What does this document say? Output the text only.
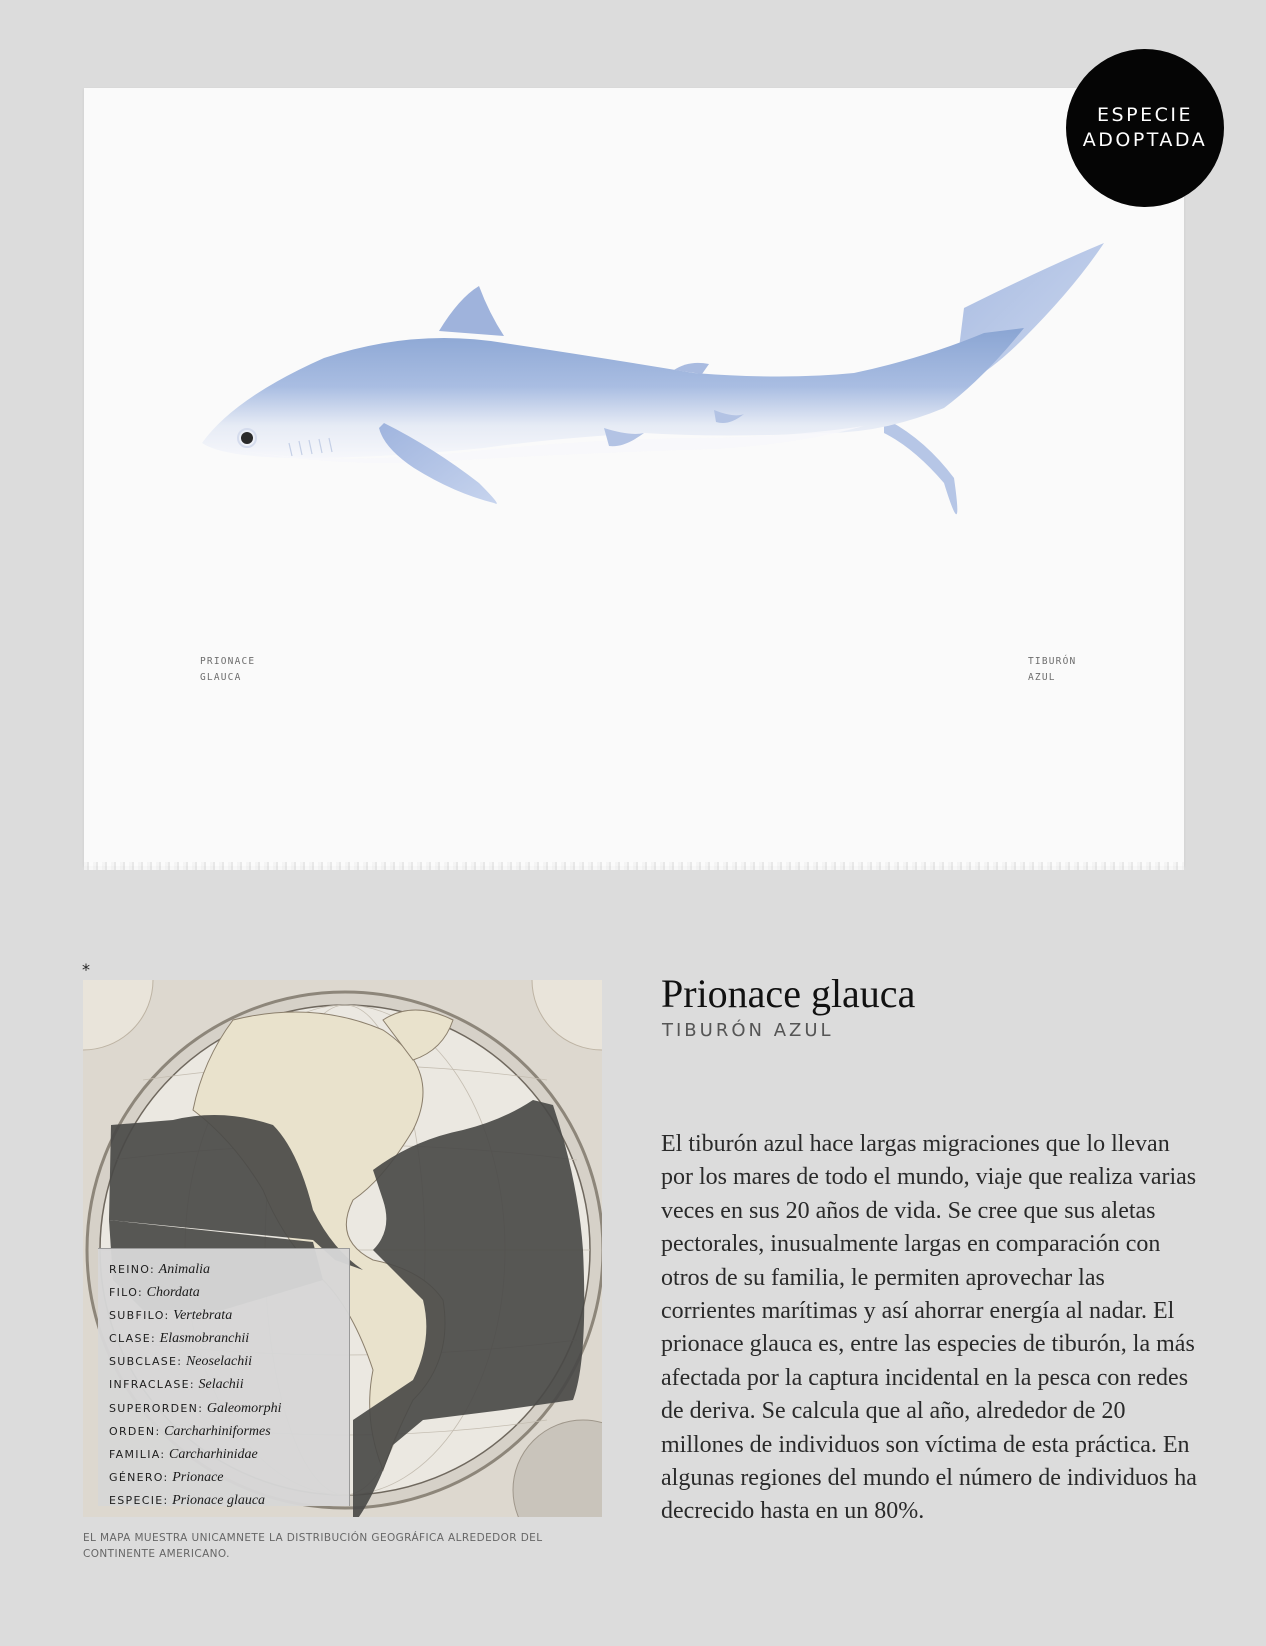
PRIONACE
GLAUCA

TIBURÓN
AZUL

ESPECIE
ADOPTADA
*
REINO: Animalia
FILO: Chordata
SUBFILO: Vertebrata
CLASE: Elasmobranchii
SUBCLASE: Neoselachii
INFRACLASE: Selachii
SUPERORDEN: Galeomorphi
ORDEN: Carcharhiniformes
FAMILIA: Carcharhinidae
GÉNERO: Prionace
ESPECIE: Prionace glauca

EL MAPA MUESTRA UNICAMNETE LA DISTRIBUCIÓN GEOGRÁFICA ALREDEDOR DEL CONTINENTE AMERICANO.

Prionace glauca

TIBURÓN AZUL

El tiburón azul hace largas migraciones que lo llevan por los mares de todo el mundo, viaje que realiza varias veces en sus 20 años de vida. Se cree que sus aletas pectorales, inusualmente largas en comparación con otros de su familia, le permiten aprovechar las corrientes marítimas y así ahorrar energía al nadar. El prionace glauca es, entre las especies de tiburón, la más afectada por la captura incidental en la pesca con redes de deriva. Se calcula que al año, alrededor de 20 millones de individuos son víctima de esta práctica. En algunas regiones del mundo el número de individuos ha decrecido hasta en un 80%.
